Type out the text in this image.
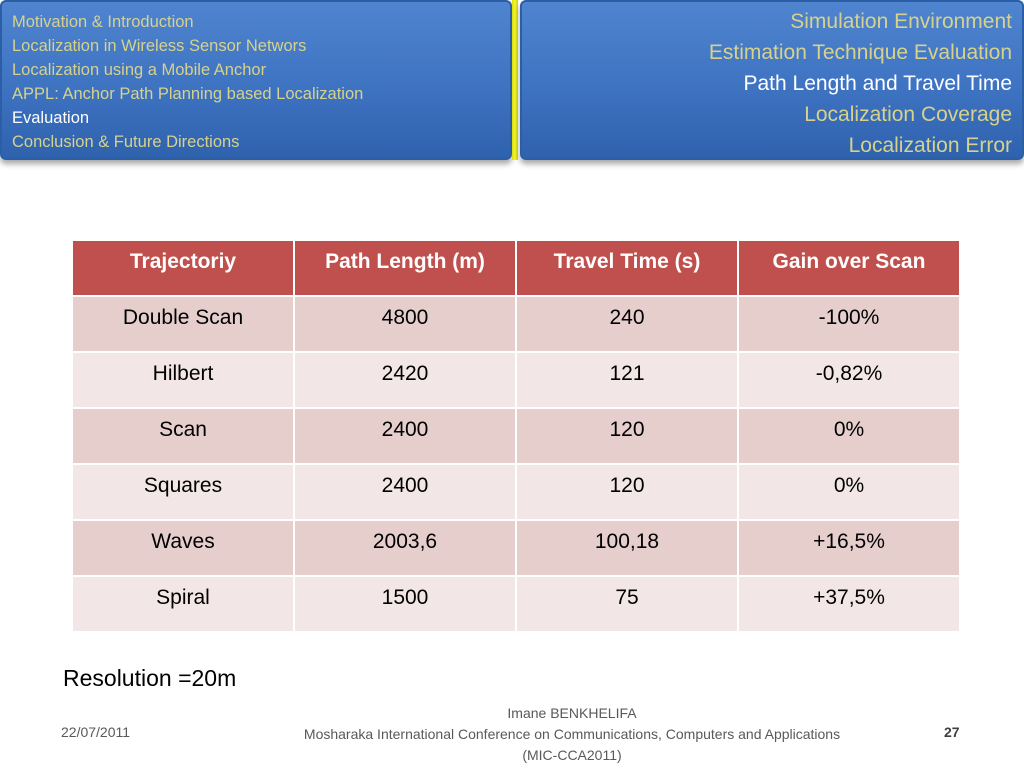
Motivation & Introduction
Localization in Wireless Sensor Networs
Localization using a Mobile Anchor
APPL: Anchor Path Planning based Localization
Evaluation
Conclusion & Future Directions
Simulation Environment
Estimation Technique Evaluation
Path Length and Travel Time
Localization Coverage
Localization Error
Trajectoriy	Path Length (m)	Travel Time (s)	Gain over Scan
Double Scan	4800	240	-100%
Hilbert	2420	121	-0,82%
Scan	2400	120	0%
Squares	2400	120	0%
Waves	2003,6	100,18	+16,5%
Spiral	1500	75	+37,5%
Resolution =20m
22/07/2011
Imane BENKHELIFA
Mosharaka International Conference on Communications, Computers and Applications
(MIC-CCA2011)
27
